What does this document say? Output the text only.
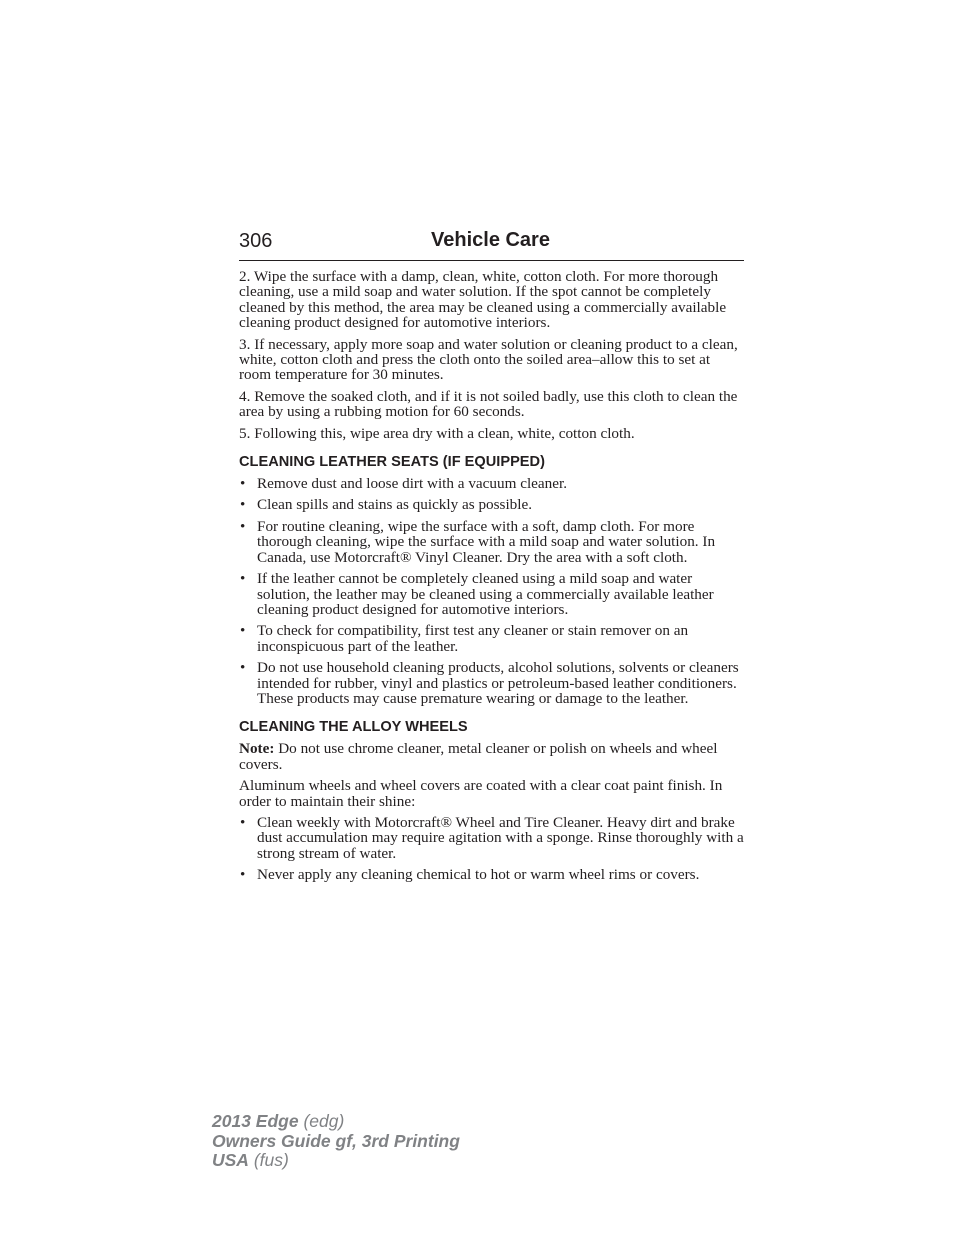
306	Vehicle Care

2. Wipe the surface with a damp, clean, white, cotton cloth. For more thorough cleaning, use a mild soap and water solution. If the spot cannot be completely cleaned by this method, the area may be cleaned using a commercially available cleaning product designed for automotive interiors.

3. If necessary, apply more soap and water solution or cleaning product to a clean, white, cotton cloth and press the cloth onto the soiled area–allow this to set at room temperature for 30 minutes.

4. Remove the soaked cloth, and if it is not soiled badly, use this cloth to clean the area by using a rubbing motion for 60 seconds.

5. Following this, wipe area dry with a clean, white, cotton cloth.

CLEANING LEATHER SEATS (IF EQUIPPED)
• Remove dust and loose dirt with a vacuum cleaner.
• Clean spills and stains as quickly as possible.
• For routine cleaning, wipe the surface with a soft, damp cloth. For more thorough cleaning, wipe the surface with a mild soap and water solution. In Canada, use Motorcraft® Vinyl Cleaner. Dry the area with a soft cloth.
• If the leather cannot be completely cleaned using a mild soap and water solution, the leather may be cleaned using a commercially available leather cleaning product designed for automotive interiors.
• To check for compatibility, first test any cleaner or stain remover on an inconspicuous part of the leather.
• Do not use household cleaning products, alcohol solutions, solvents or cleaners intended for rubber, vinyl and plastics or petroleum-based leather conditioners. These products may cause premature wearing or damage to the leather.
CLEANING THE ALLOY WHEELS

Note: Do not use chrome cleaner, metal cleaner or polish on wheels and wheel covers.

Aluminum wheels and wheel covers are coated with a clear coat paint finish. In order to maintain their shine:

• Clean weekly with Motorcraft® Wheel and Tire Cleaner. Heavy dirt and brake dust accumulation may require agitation with a sponge. Rinse thoroughly with a strong stream of water.
• Never apply any cleaning chemical to hot or warm wheel rims or covers.
2013 Edge (edg)
Owners Guide gf, 3rd Printing
USA (fus)
